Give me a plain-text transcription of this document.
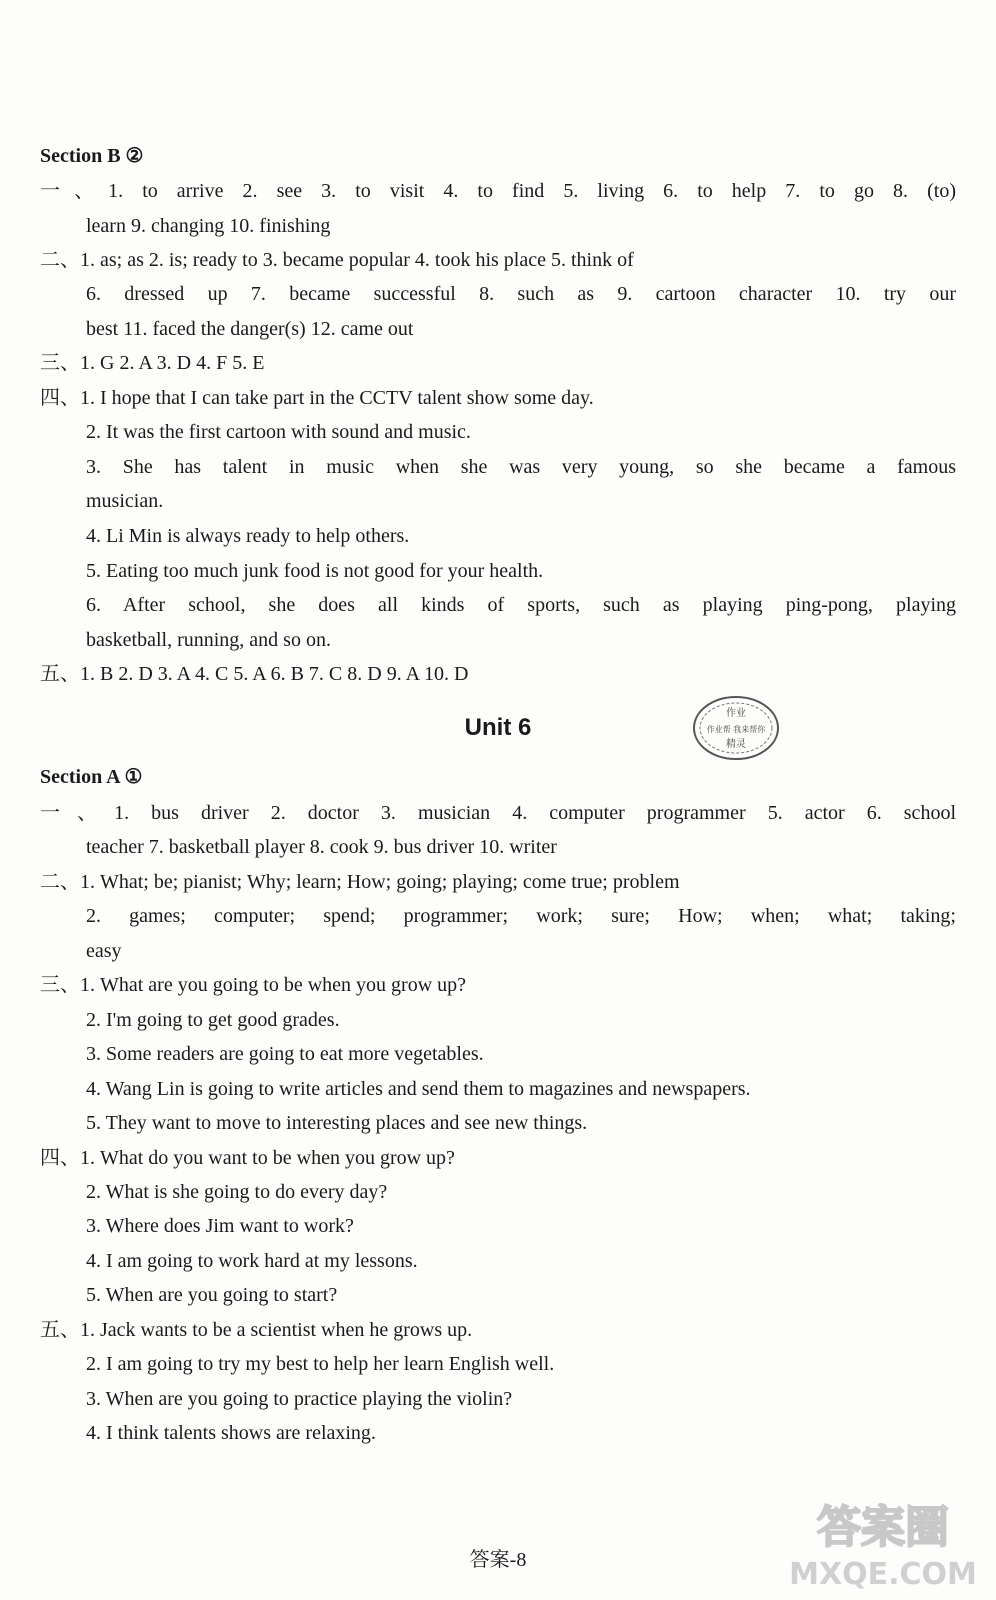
Section B ②
一、1. to arrive 2. see 3. to visit 4. to find 5. living 6. to help 7. to go 8. (to)
learn 9. changing 10. finishing
二、1. as; as 2. is; ready to 3. became popular 4. took his place 5. think of
6. dressed up 7. became successful 8. such as 9. cartoon character 10. try our
best 11. faced the danger(s) 12. came out
三、1. G 2. A 3. D 4. F 5. E
四、1. I hope that I can take part in the CCTV talent show some day.
2. It was the first cartoon with sound and music.
3. She has talent in music when she was very young, so she became a famous
musician.
4. Li Min is always ready to help others.
5. Eating too much junk food is not good for your health.
6. After school, she does all kinds of sports, such as playing ping-pong, playing
basketball, running, and so on.
五、1. B 2. D 3. A 4. C 5. A 6. B 7. C 8. D 9. A 10. D
Unit 6
作业
作业帮 我来帮你
精灵
Section A ①
一、1. bus driver 2. doctor 3. musician 4. computer programmer 5. actor 6. school
teacher 7. basketball player 8. cook 9. bus driver 10. writer
二、1. What; be; pianist; Why; learn; How; going; playing; come true; problem
2. games; computer; spend; programmer; work; sure; How; when; what; taking;
easy
三、1. What are you going to be when you grow up?
2. I'm going to get good grades.
3. Some readers are going to eat more vegetables.
4. Wang Lin is going to write articles and send them to magazines and newspapers.
5. They want to move to interesting places and see new things.
四、1. What do you want to be when you grow up?
2. What is she going to do every day?
3. Where does Jim want to work?
4. I am going to work hard at my lessons.
5. When are you going to start?
五、1. Jack wants to be a scientist when he grows up.
2. I am going to try my best to help her learn English well.
3. When are you going to practice playing the violin?
4. I think talents shows are relaxing.
答案圈
MXQE.COM
答案-8
